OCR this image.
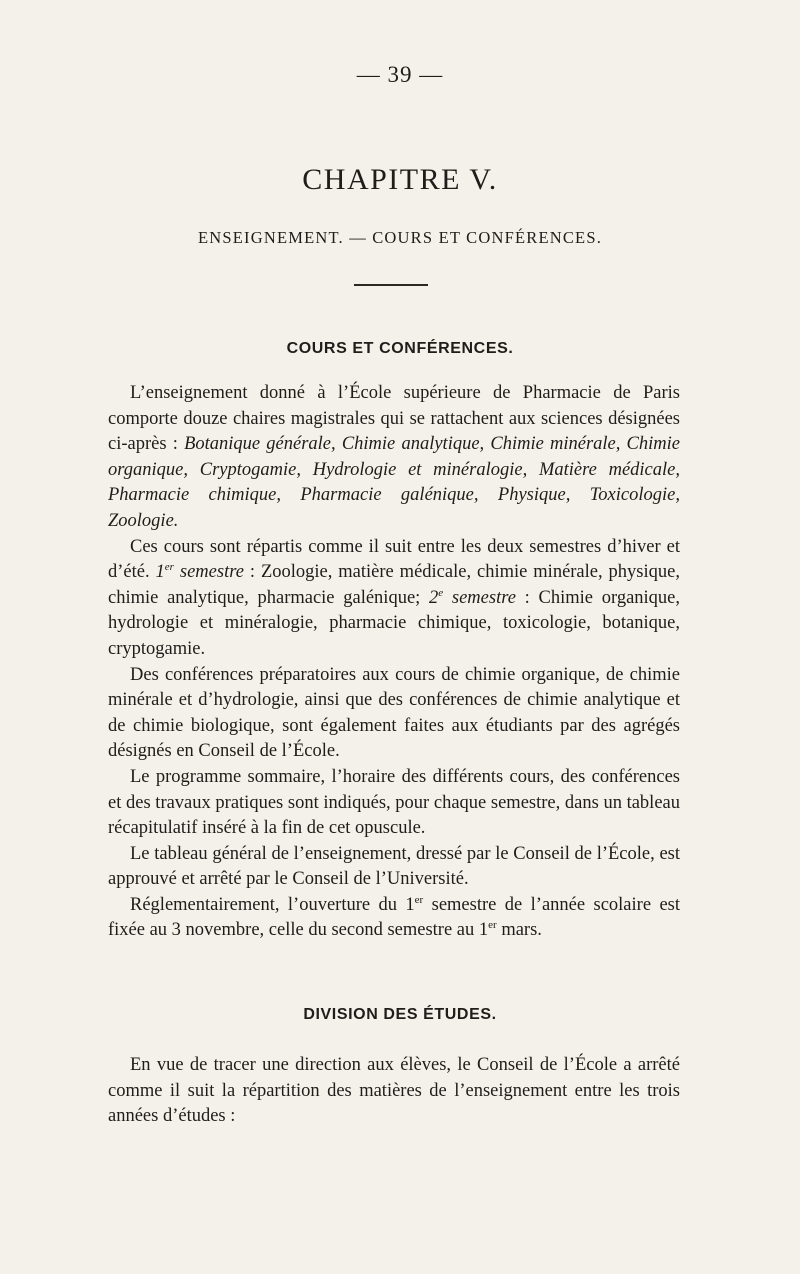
— 39 —
CHAPITRE V.
ENSEIGNEMENT. — COURS ET CONFÉRENCES.
COURS ET CONFÉRENCES.

L’enseignement donné à l’École supérieure de Pharmacie de Paris comporte douze chaires magistrales qui se rattachent aux sciences désignées ci-après : Botanique générale, Chimie analytique, Chimie minérale, Chimie organique, Cryptogamie, Hydrologie et minéralogie, Matière médicale, Pharmacie chimique, Pharmacie galénique, Physique, Toxicologie, Zoologie.

Ces cours sont répartis comme il suit entre les deux semestres d’hiver et d’été. 1er semestre : Zoologie, matière médicale, chimie minérale, physique, chimie analytique, pharmacie galénique; 2e semestre : Chimie organique, hydrologie et minéralogie, pharmacie chimique, toxicologie, botanique, cryptogamie.

Des conférences préparatoires aux cours de chimie organique, de chimie minérale et d’hydrologie, ainsi que des conférences de chimie analytique et de chimie biologique, sont également faites aux étudiants par des agrégés désignés en Conseil de l’École.

Le programme sommaire, l’horaire des différents cours, des conférences et des travaux pratiques sont indiqués, pour chaque semestre, dans un tableau récapitulatif inséré à la fin de cet opuscule.

Le tableau général de l’enseignement, dressé par le Conseil de l’École, est approuvé et arrêté par le Conseil de l’Université.

Réglementairement, l’ouverture du 1er semestre de l’année scolaire est fixée au 3 novembre, celle du second semestre au 1er mars.

DIVISION DES ÉTUDES.

En vue de tracer une direction aux élèves, le Conseil de l’École a arrêté comme il suit la répartition des matières de l’enseignement entre les trois années d’études :
